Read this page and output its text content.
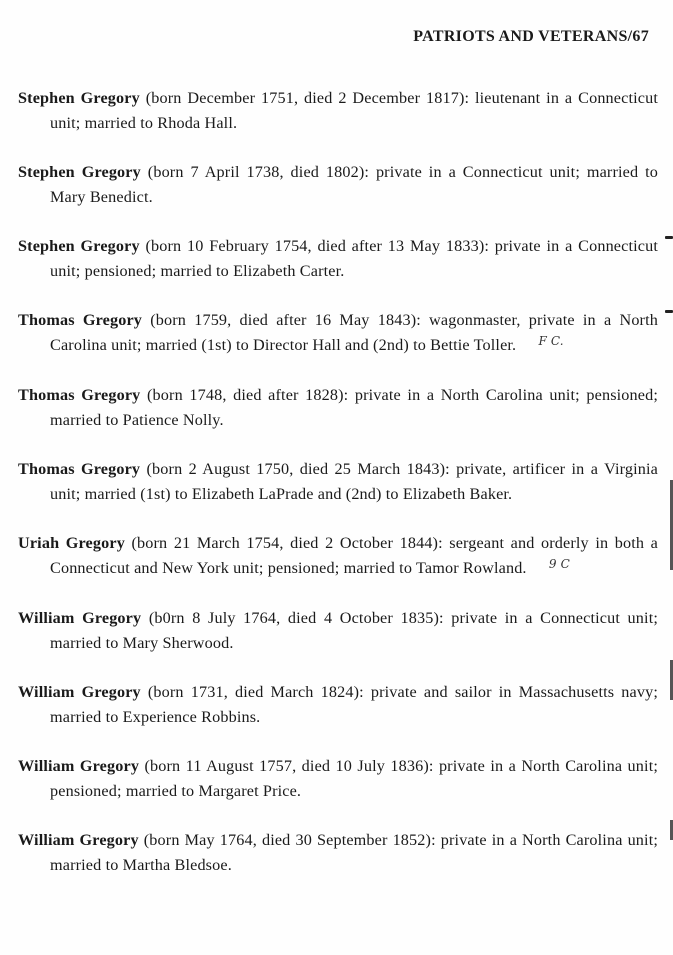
PATRIOTS AND VETERANS/67

Stephen Gregory (born December 1751, died 2 December 1817): lieutenant in a Connecticut unit; married to Rhoda Hall.

Stephen Gregory (born 7 April 1738, died 1802): private in a Connecticut unit; married to Mary Benedict.

Stephen Gregory (born 10 February 1754, died after 13 May 1833): private in a Connecticut unit; pensioned; married to Elizabeth Carter.

Thomas Gregory (born 1759, died after 16 May 1843): wagonmaster, private in a North Carolina unit; married (1st) to Director Hall and (2nd) to Bettie Toller. $^{F C.}$

Thomas Gregory (born 1748, died after 1828): private in a North Carolina unit; pensioned; married to Patience Nolly.

Thomas Gregory (born 2 August 1750, died 25 March 1843): private, artificer in a Virginia unit; married (1st) to Elizabeth LaPrade and (2nd) to Elizabeth Baker.

Uriah Gregory (born 21 March 1754, died 2 October 1844): sergeant and orderly in both a Connecticut and New York unit; pensioned; married to Tamor Rowland. $^{9 C}$

William Gregory (b0rn 8 July 1764, died 4 October 1835): private in a Connecticut unit; married to Mary Sherwood.

William Gregory (born 1731, died March 1824): private and sailor in Massachusetts navy; married to Experience Robbins.

William Gregory (born 11 August 1757, died 10 July 1836): private in a North Carolina unit; pensioned; married to Margaret Price.

William Gregory (born May 1764, died 30 September 1852): private in a North Carolina unit; married to Martha Bledsoe.
